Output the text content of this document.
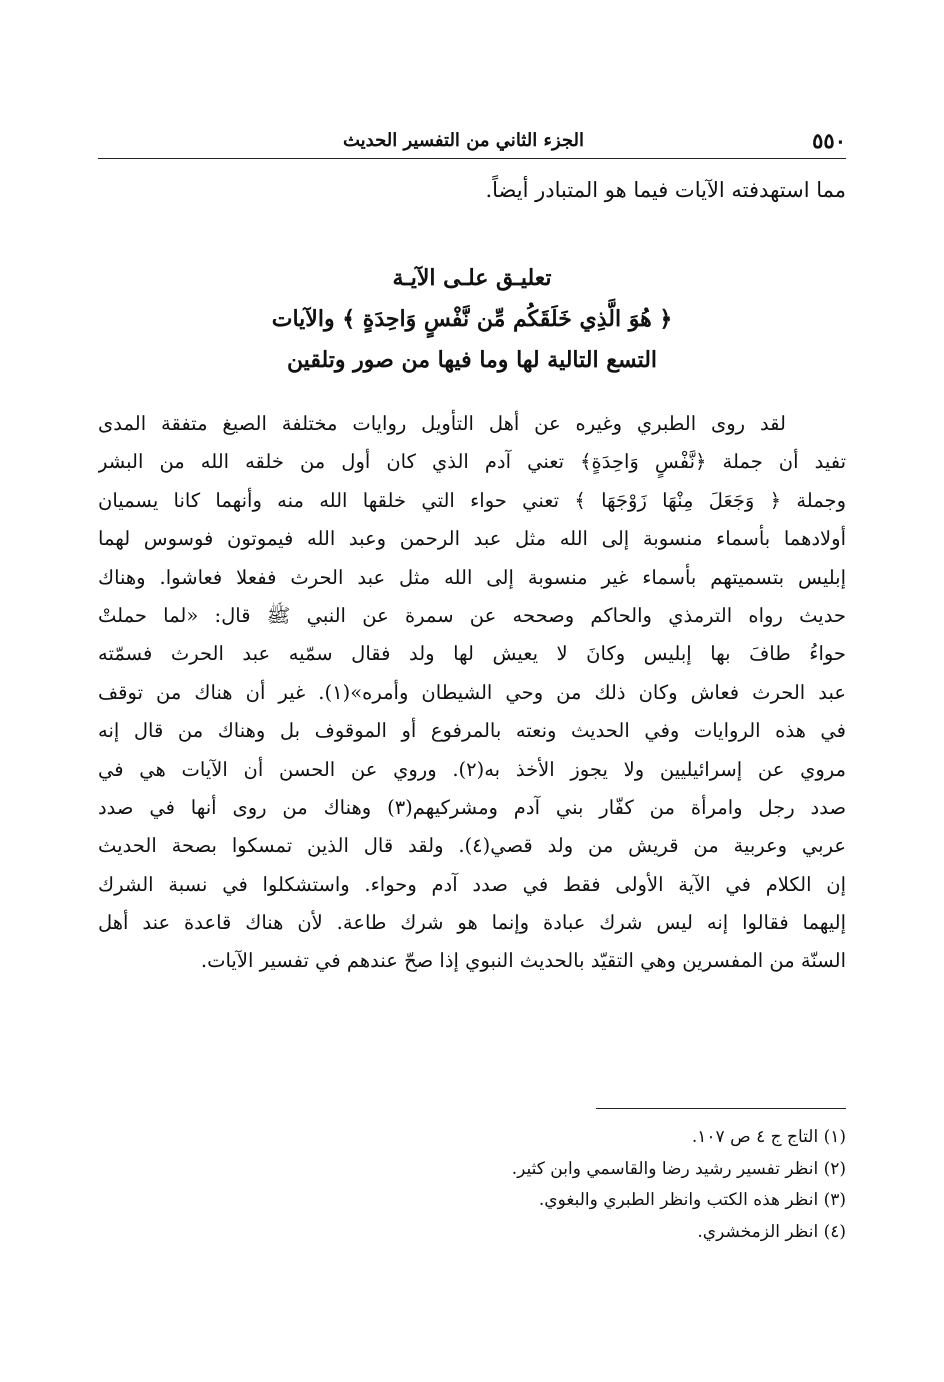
٥٥٠
الجزء الثاني من التفسير الحديث
مما استهدفته الآيات فيما هو المتبادر أيضاً.
تعليـق علـى الآيـة
﴿ هُوَ الَّذِي خَلَقَكُم مِّن نَّفْسٍ وَاحِدَةٍ ﴾ والآيات
التسع التالية لها وما فيها من صور وتلقين
لقد روى الطبري وغيره عن أهل التأويل روايات مختلفة الصيغ متفقة المدى
تفيد أن جملة ﴿نَّفْسٍ وَاحِدَةٍ﴾ تعني آدم الذي كان أول من خلقه الله من البشر
وجملة ﴿ وَجَعَلَ مِنْهَا زَوْجَهَا ﴾ تعني حواء التي خلقها الله منه وأنهما كانا يسميان
أولادهما بأسماء منسوبة إلى الله مثل عبد الرحمن وعبد الله فيموتون فوسوس لهما
إبليس بتسميتهم بأسماء غير منسوبة إلى الله مثل عبد الحرث ففعلا فعاشوا. وهناك
حديث رواه الترمذي والحاكم وصححه عن سمرة عن النبي ﷺ قال: «لما حملتْ
حواءُ طافَ بها إبليس وكانَ لا يعيش لها ولد فقال سمّيه عبد الحرث فسمّته
عبد الحرث فعاش وكان ذلك من وحي الشيطان وأمره»(١). غير أن هناك من توقف
في هذه الروايات وفي الحديث ونعته بالمرفوع أو الموقوف بل وهناك من قال إنه
مروي عن إسرائيليين ولا يجوز الأخذ به(٢). وروي عن الحسن أن الآيات هي في
صدد رجل وامرأة من كفّار بني آدم ومشركيهم(٣) وهناك من روى أنها في صدد
عربي وعربية من قريش من ولد قصي(٤). ولقد قال الذين تمسكوا بصحة الحديث
إن الكلام في الآية الأولى فقط في صدد آدم وحواء. واستشكلوا في نسبة الشرك
إليهما فقالوا إنه ليس شرك عبادة وإنما هو شرك طاعة. لأن هناك قاعدة عند أهل
السنّة من المفسرين وهي التقيّد بالحديث النبوي إذا صحّ عندهم في تفسير الآيات.
(١) التاج ج ٤ ص ١٠٧.
(٢) انظر تفسير رشيد رضا والقاسمي وابن كثير.
(٣) انظر هذه الكتب وانظر الطبري والبغوي.
(٤) انظر الزمخشري.
